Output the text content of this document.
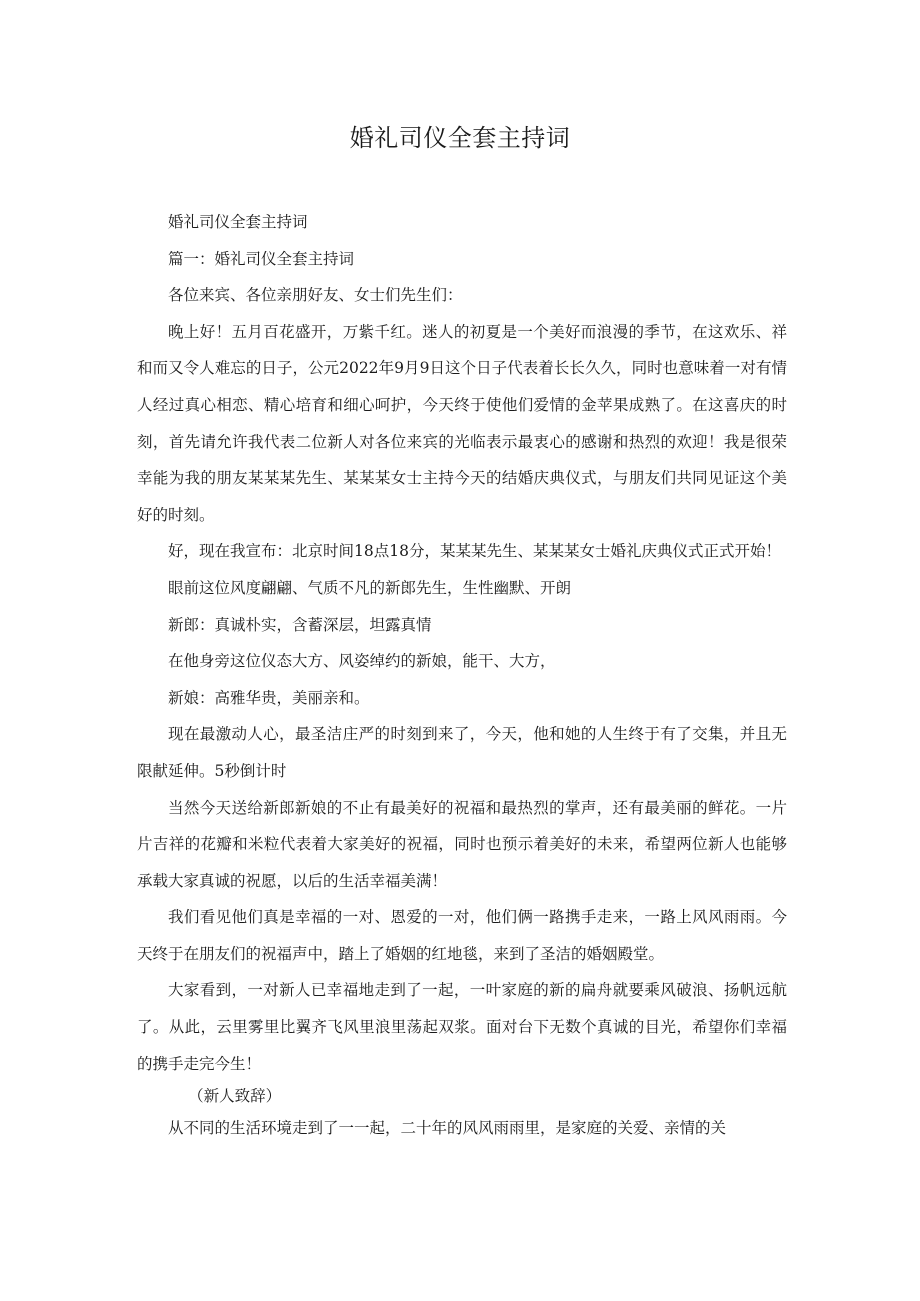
婚礼司仪全套主持词

婚礼司仪全套主持词

篇一：婚礼司仪全套主持词

各位来宾、各位亲朋好友、女士们先生们：

晚上好！五月百花盛开，万紫千红。迷人的初夏是一个美好而浪漫的季节，在这欢乐、祥和而又令人难忘的日子，公元2022年9月9日这个日子代表着长长久久，同时也意味着一对有情人经过真心相恋、精心培育和细心呵护，今天终于使他们爱情的金苹果成熟了。在这喜庆的时刻，首先请允许我代表二位新人对各位来宾的光临表示最衷心的感谢和热烈的欢迎！我是很荣幸能为我的朋友某某某先生、某某某女士主持今天的结婚庆典仪式，与朋友们共同见证这个美好的时刻。

好，现在我宣布：北京时间18点18分，某某某先生、某某某女士婚礼庆典仪式正式开始！

眼前这位风度翩翩、气质不凡的新郎先生，生性幽默、开朗

新郎：真诚朴实，含蓄深层，坦露真情

在他身旁这位仪态大方、风姿绰约的新娘，能干、大方，

新娘：高雅华贵，美丽亲和。

现在最激动人心，最圣洁庄严的时刻到来了，今天，他和她的人生终于有了交集，并且无限献延伸。5秒倒计时

当然今天送给新郎新娘的不止有最美好的祝福和最热烈的掌声，还有最美丽的鲜花。一片片吉祥的花瓣和米粒代表着大家美好的祝福，同时也预示着美好的未来，希望两位新人也能够承载大家真诚的祝愿，以后的生活幸福美满！

我们看见他们真是幸福的一对、恩爱的一对，他们俩一路携手走来，一路上风风雨雨。今天终于在朋友们的祝福声中，踏上了婚姻的红地毯，来到了圣洁的婚姻殿堂。

大家看到，一对新人已幸福地走到了一起，一叶家庭的新的扁舟就要乘风破浪、扬帆远航了。从此，云里雾里比翼齐飞风里浪里荡起双浆。面对台下无数个真诚的目光，希望你们幸福的携手走完今生！

（新人致辞）

从不同的生活环境走到了一一起，二十年的风风雨雨里，是家庭的关爱、亲情的关
